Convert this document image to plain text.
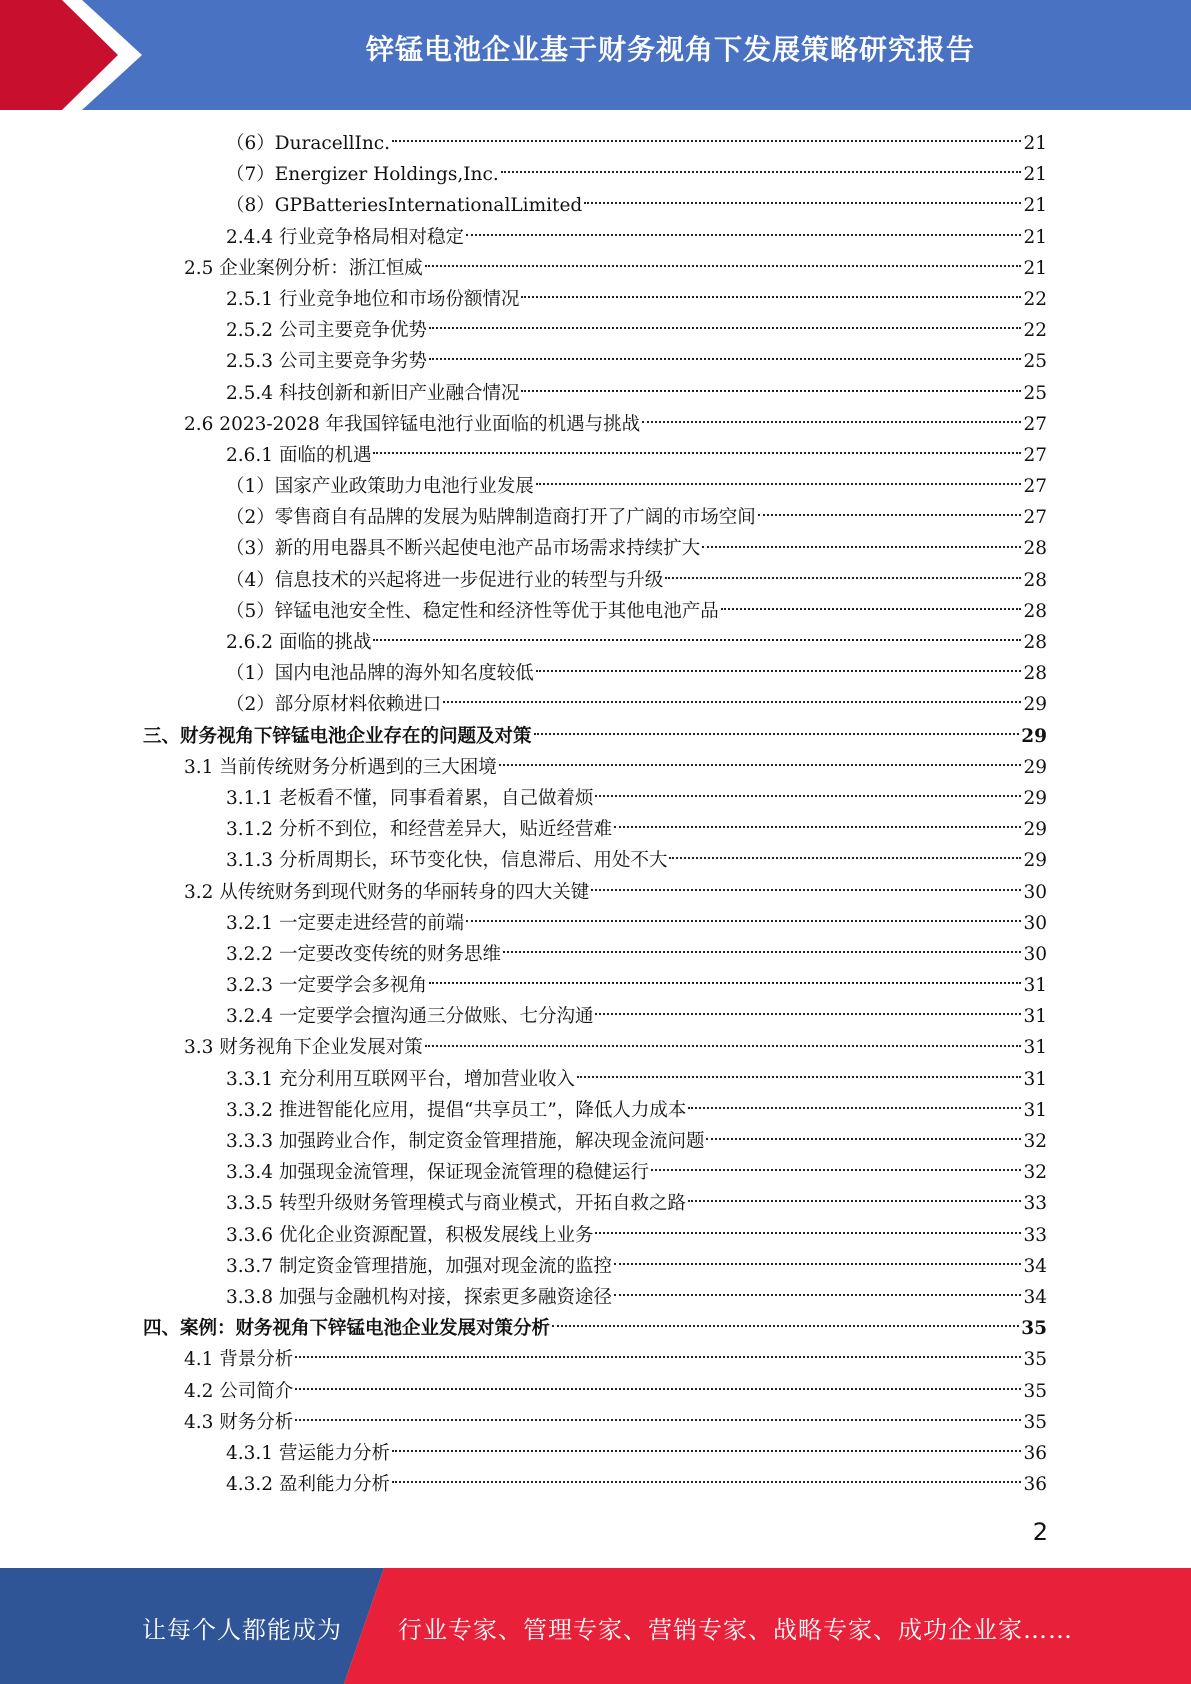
锌锰电池企业基于财务视角下发展策略研究报告
（6）DuracellInc.	21
（7）Energizer Holdings,Inc.	21
（8）GPBatteriesInternationalLimited	21
2.4.4 行业竞争格局相对稳定	21
2.5 企业案例分析：浙江恒威	21
2.5.1 行业竞争地位和市场份额情况	22
2.5.2 公司主要竞争优势	22
2.5.3 公司主要竞争劣势	25
2.5.4 科技创新和新旧产业融合情况	25
2.6 2023-2028 年我国锌锰电池行业面临的机遇与挑战	27
2.6.1 面临的机遇	27
（1）国家产业政策助力电池行业发展	27
（2）零售商自有品牌的发展为贴牌制造商打开了广阔的市场空间	27
（3）新的用电器具不断兴起使电池产品市场需求持续扩大	28
（4）信息技术的兴起将进一步促进行业的转型与升级	28
（5）锌锰电池安全性、稳定性和经济性等优于其他电池产品	28
2.6.2 面临的挑战	28
（1）国内电池品牌的海外知名度较低	28
（2）部分原材料依赖进口	29
三、财务视角下锌锰电池企业存在的问题及对策	29
3.1 当前传统财务分析遇到的三大困境	29
3.1.1 老板看不懂，同事看着累，自己做着烦	29
3.1.2 分析不到位，和经营差异大，贴近经营难	29
3.1.3 分析周期长，环节变化快，信息滞后、用处不大	29
3.2 从传统财务到现代财务的华丽转身的四大关键	30
3.2.1 一定要走进经营的前端	30
3.2.2 一定要改变传统的财务思维	30
3.2.3 一定要学会多视角	31
3.2.4 一定要学会擅沟通三分做账、七分沟通	31
3.3 财务视角下企业发展对策	31
3.3.1 充分利用互联网平台，增加营业收入	31
3.3.2 推进智能化应用，提倡“共享员工”，降低人力成本	31
3.3.3 加强跨业合作，制定资金管理措施，解决现金流问题	32
3.3.4 加强现金流管理，保证现金流管理的稳健运行	32
3.3.5 转型升级财务管理模式与商业模式，开拓自救之路	33
3.3.6 优化企业资源配置，积极发展线上业务	33
3.3.7 制定资金管理措施，加强对现金流的监控	34
3.3.8 加强与金融机构对接，探索更多融资途径	34
四、案例：财务视角下锌锰电池企业发展对策分析	35
4.1 背景分析	35
4.2 公司简介	35
4.3 财务分析	35
4.3.1 营运能力分析	36
4.3.2 盈利能力分析	36
2
让每个人都能成为 行业专家、管理专家、营销专家、战略专家、成功企业家……
